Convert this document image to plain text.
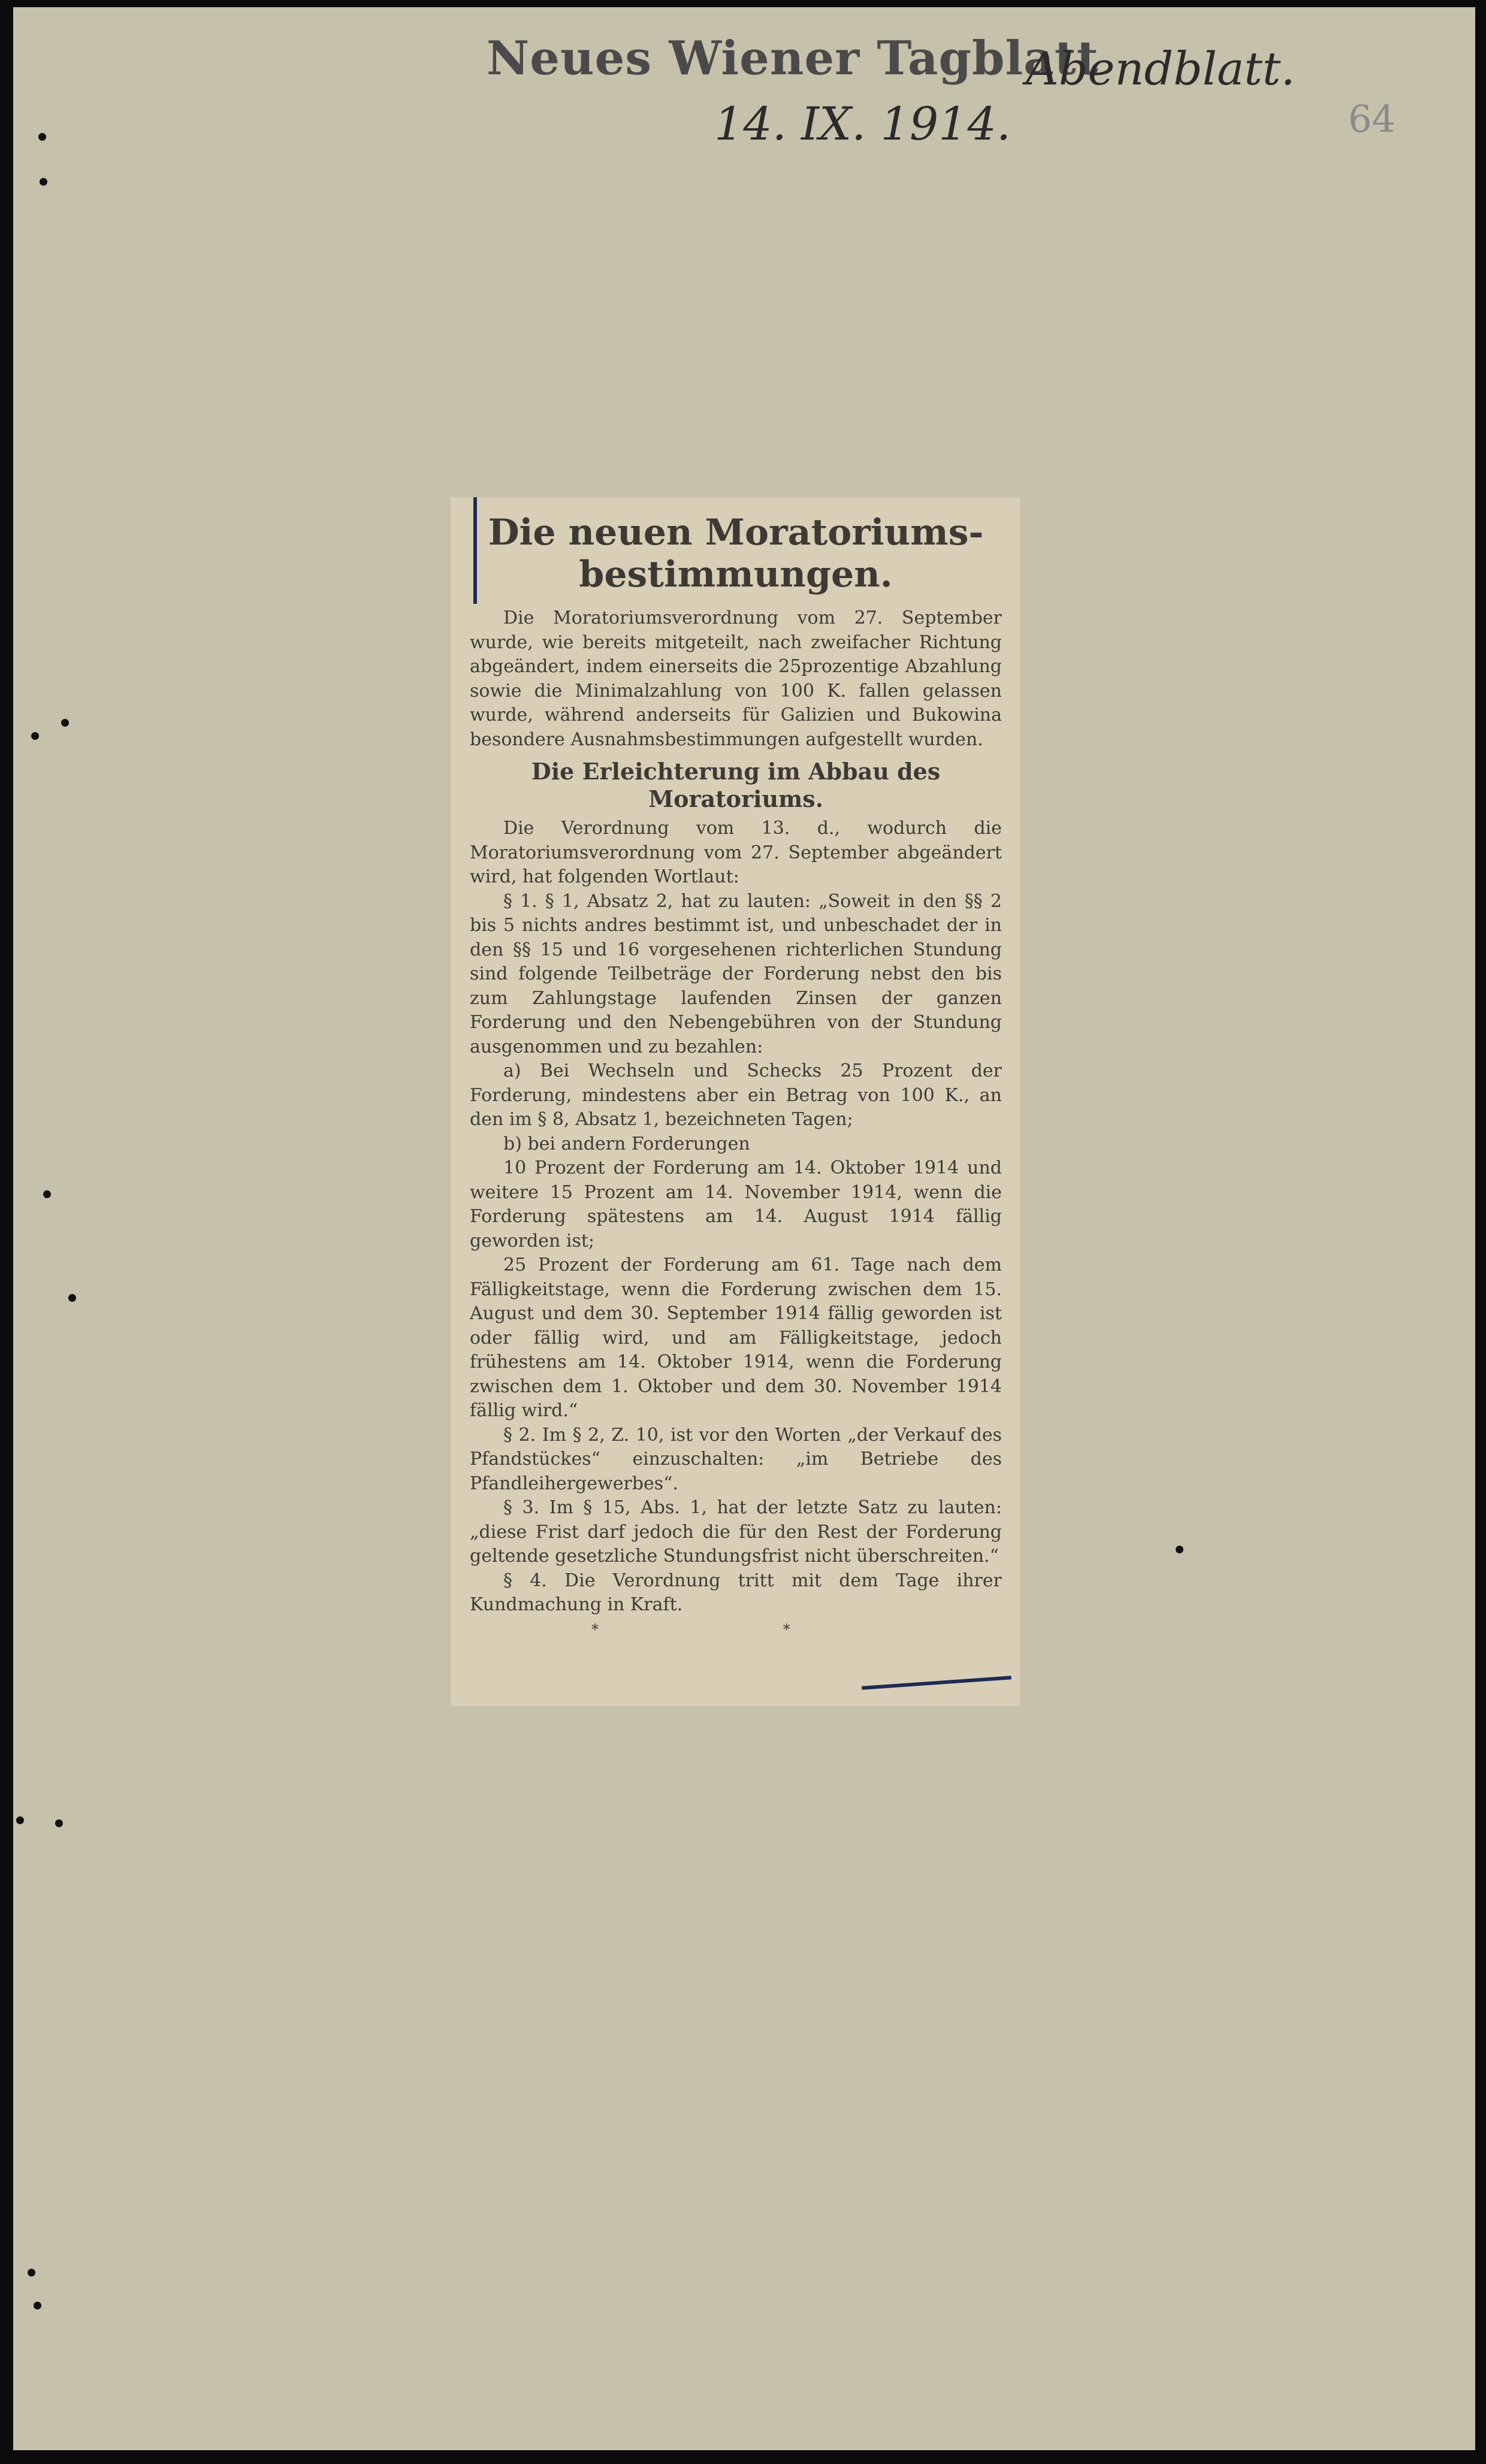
Neues Wiener Tagblatt
Abendblatt.
14. IX. 1914.	64
Die neuen Moratoriums-bestimmungen.

Die Moratoriumsverordnung vom 27. September wurde, wie bereits mitgeteilt, nach zweifacher Richtung abgeändert, indem einerseits die 25prozentige Abzahlung sowie die Minimalzahlung von 100 K. fallen gelassen wurde, während anderseits für Galizien und Bukowina besondere Ausnahmsbestimmungen aufgestellt wurden.

Die Erleichterung im Abbau des Moratoriums.

Die Verordnung vom 13. d., wodurch die Moratoriumsverordnung vom 27. September abgeändert wird, hat folgenden Wortlaut:

§ 1. § 1, Absatz 2, hat zu lauten: „Soweit in den §§ 2 bis 5 nichts andres bestimmt ist, und unbeschadet der in den §§ 15 und 16 vorgesehenen richterlichen Stundung sind folgende Teilbeträge der Forderung nebst den bis zum Zahlungstage laufenden Zinsen der ganzen Forderung und den Nebengebühren von der Stundung ausgenommen und zu bezahlen:

a) Bei Wechseln und Schecks 25 Prozent der Forderung, mindestens aber ein Betrag von 100 K., an den im § 8, Absatz 1, bezeichneten Tagen;

b) bei andern Forderungen

10 Prozent der Forderung am 14. Oktober 1914 und weitere 15 Prozent am 14. November 1914, wenn die Forderung spätestens am 14. August 1914 fällig geworden ist;

25 Prozent der Forderung am 61. Tage nach dem Fälligkeitstage, wenn die Forderung zwischen dem 15. August und dem 30. September 1914 fällig geworden ist oder fällig wird, und am Fälligkeitstage, jedoch frühestens am 14. Oktober 1914, wenn die Forderung zwischen dem 1. Oktober und dem 30. November 1914 fällig wird.“

§ 2. Im § 2, Z. 10, ist vor den Worten „der Verkauf des Pfandstückes“ einzuschalten: „im Betriebe des Pfandleihergewerbes“.

§ 3. Im § 15, Abs. 1, hat der letzte Satz zu lauten: „diese Frist darf jedoch die für den Rest der Forderung geltende gesetzliche Stundungsfrist nicht überschreiten.“

§ 4. Die Verordnung tritt mit dem Tage ihrer Kundmachung in Kraft.

* *
